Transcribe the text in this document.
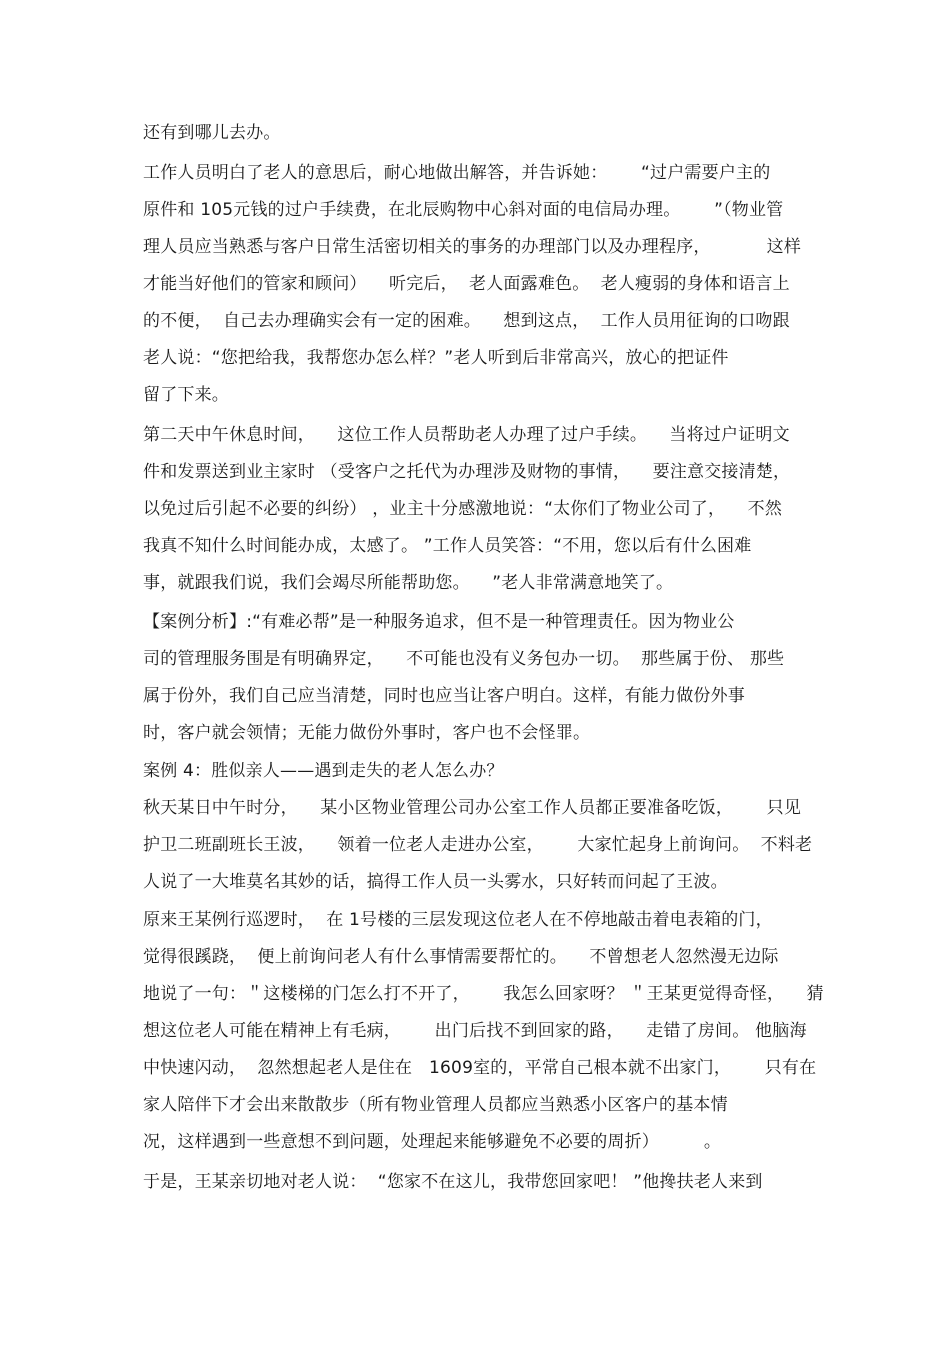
还有到哪儿去办。
工作人员明白了老人的意思后，耐心地做出解答，并告诉她：      “过户需要户主的
原件和 105元钱的过户手续费，在北辰购物中心斜对面的电信局办理。      ”（物业管
理人员应当熟悉与客户日常生活密切相关的事务的办理部门以及办理程序，          这样
才能当好他们的管家和顾问）    听完后，  老人面露难色。  老人瘦弱的身体和语言上
的不便，  自己去办理确实会有一定的困难。    想到这点，  工作人员用征询的口吻跟
老人说：“您把给我，我帮您办怎么样？”老人听到后非常高兴，放心的把证件
留了下来。
第二天中午休息时间，    这位工作人员帮助老人办理了过户手续。    当将过户证明文
件和发票送到业主家时 （受客户之托代为办理涉及财物的事情，    要注意交接清楚，
以免过后引起不必要的纠纷） ，业主十分感激地说：“太你们了物业公司了，    不然
我真不知什么时间能办成，太感了。 ”工作人员笑答：“不用，您以后有什么困难
事，就跟我们说，我们会竭尽所能帮助您。    ”老人非常满意地笑了。
【案例分析】:“有难必帮”是一种服务追求，但不是一种管理责任。因为物业公
司的管理服务围是有明确界定，    不可能也没有义务包办一切。  那些属于份、 那些
属于份外，我们自己应当清楚，同时也应当让客户明白。这样，有能力做份外事
时，客户就会领情；无能力做份外事时，客户也不会怪罪。
案例 4：胜似亲人——遇到走失的老人怎么办？
秋天某日中午时分，    某小区物业管理公司办公室工作人员都正要准备吃饭，      只见
护卫二班副班长王波，    领着一位老人走进办公室，      大家忙起身上前询问。  不料老
人说了一大堆莫名其妙的话，搞得工作人员一头雾水，只好转而问起了王波。
原来王某例行巡逻时，  在 1号楼的三层发现这位老人在不停地敲击着电表箱的门，
觉得很蹊跷，  便上前询问老人有什么事情需要帮忙的。    不曾想老人忽然漫无边际
地说了一句：＂这楼梯的门怎么打不开了，      我怎么回家呀？ ＂王某更觉得奇怪，    猜
想这位老人可能在精神上有毛病，      出门后找不到回家的路，    走错了房间。 他脑海
中快速闪动，  忽然想起老人是住在   1609室的，平常自己根本就不出家门，      只有在
家人陪伴下才会出来散散步（所有物业管理人员都应当熟悉小区客户的基本情
况，这样遇到一些意想不到问题，处理起来能够避免不必要的周折）        。
于是，王某亲切地对老人说：  “您家不在这儿，我带您回家吧！ ”他搀扶老人来到
